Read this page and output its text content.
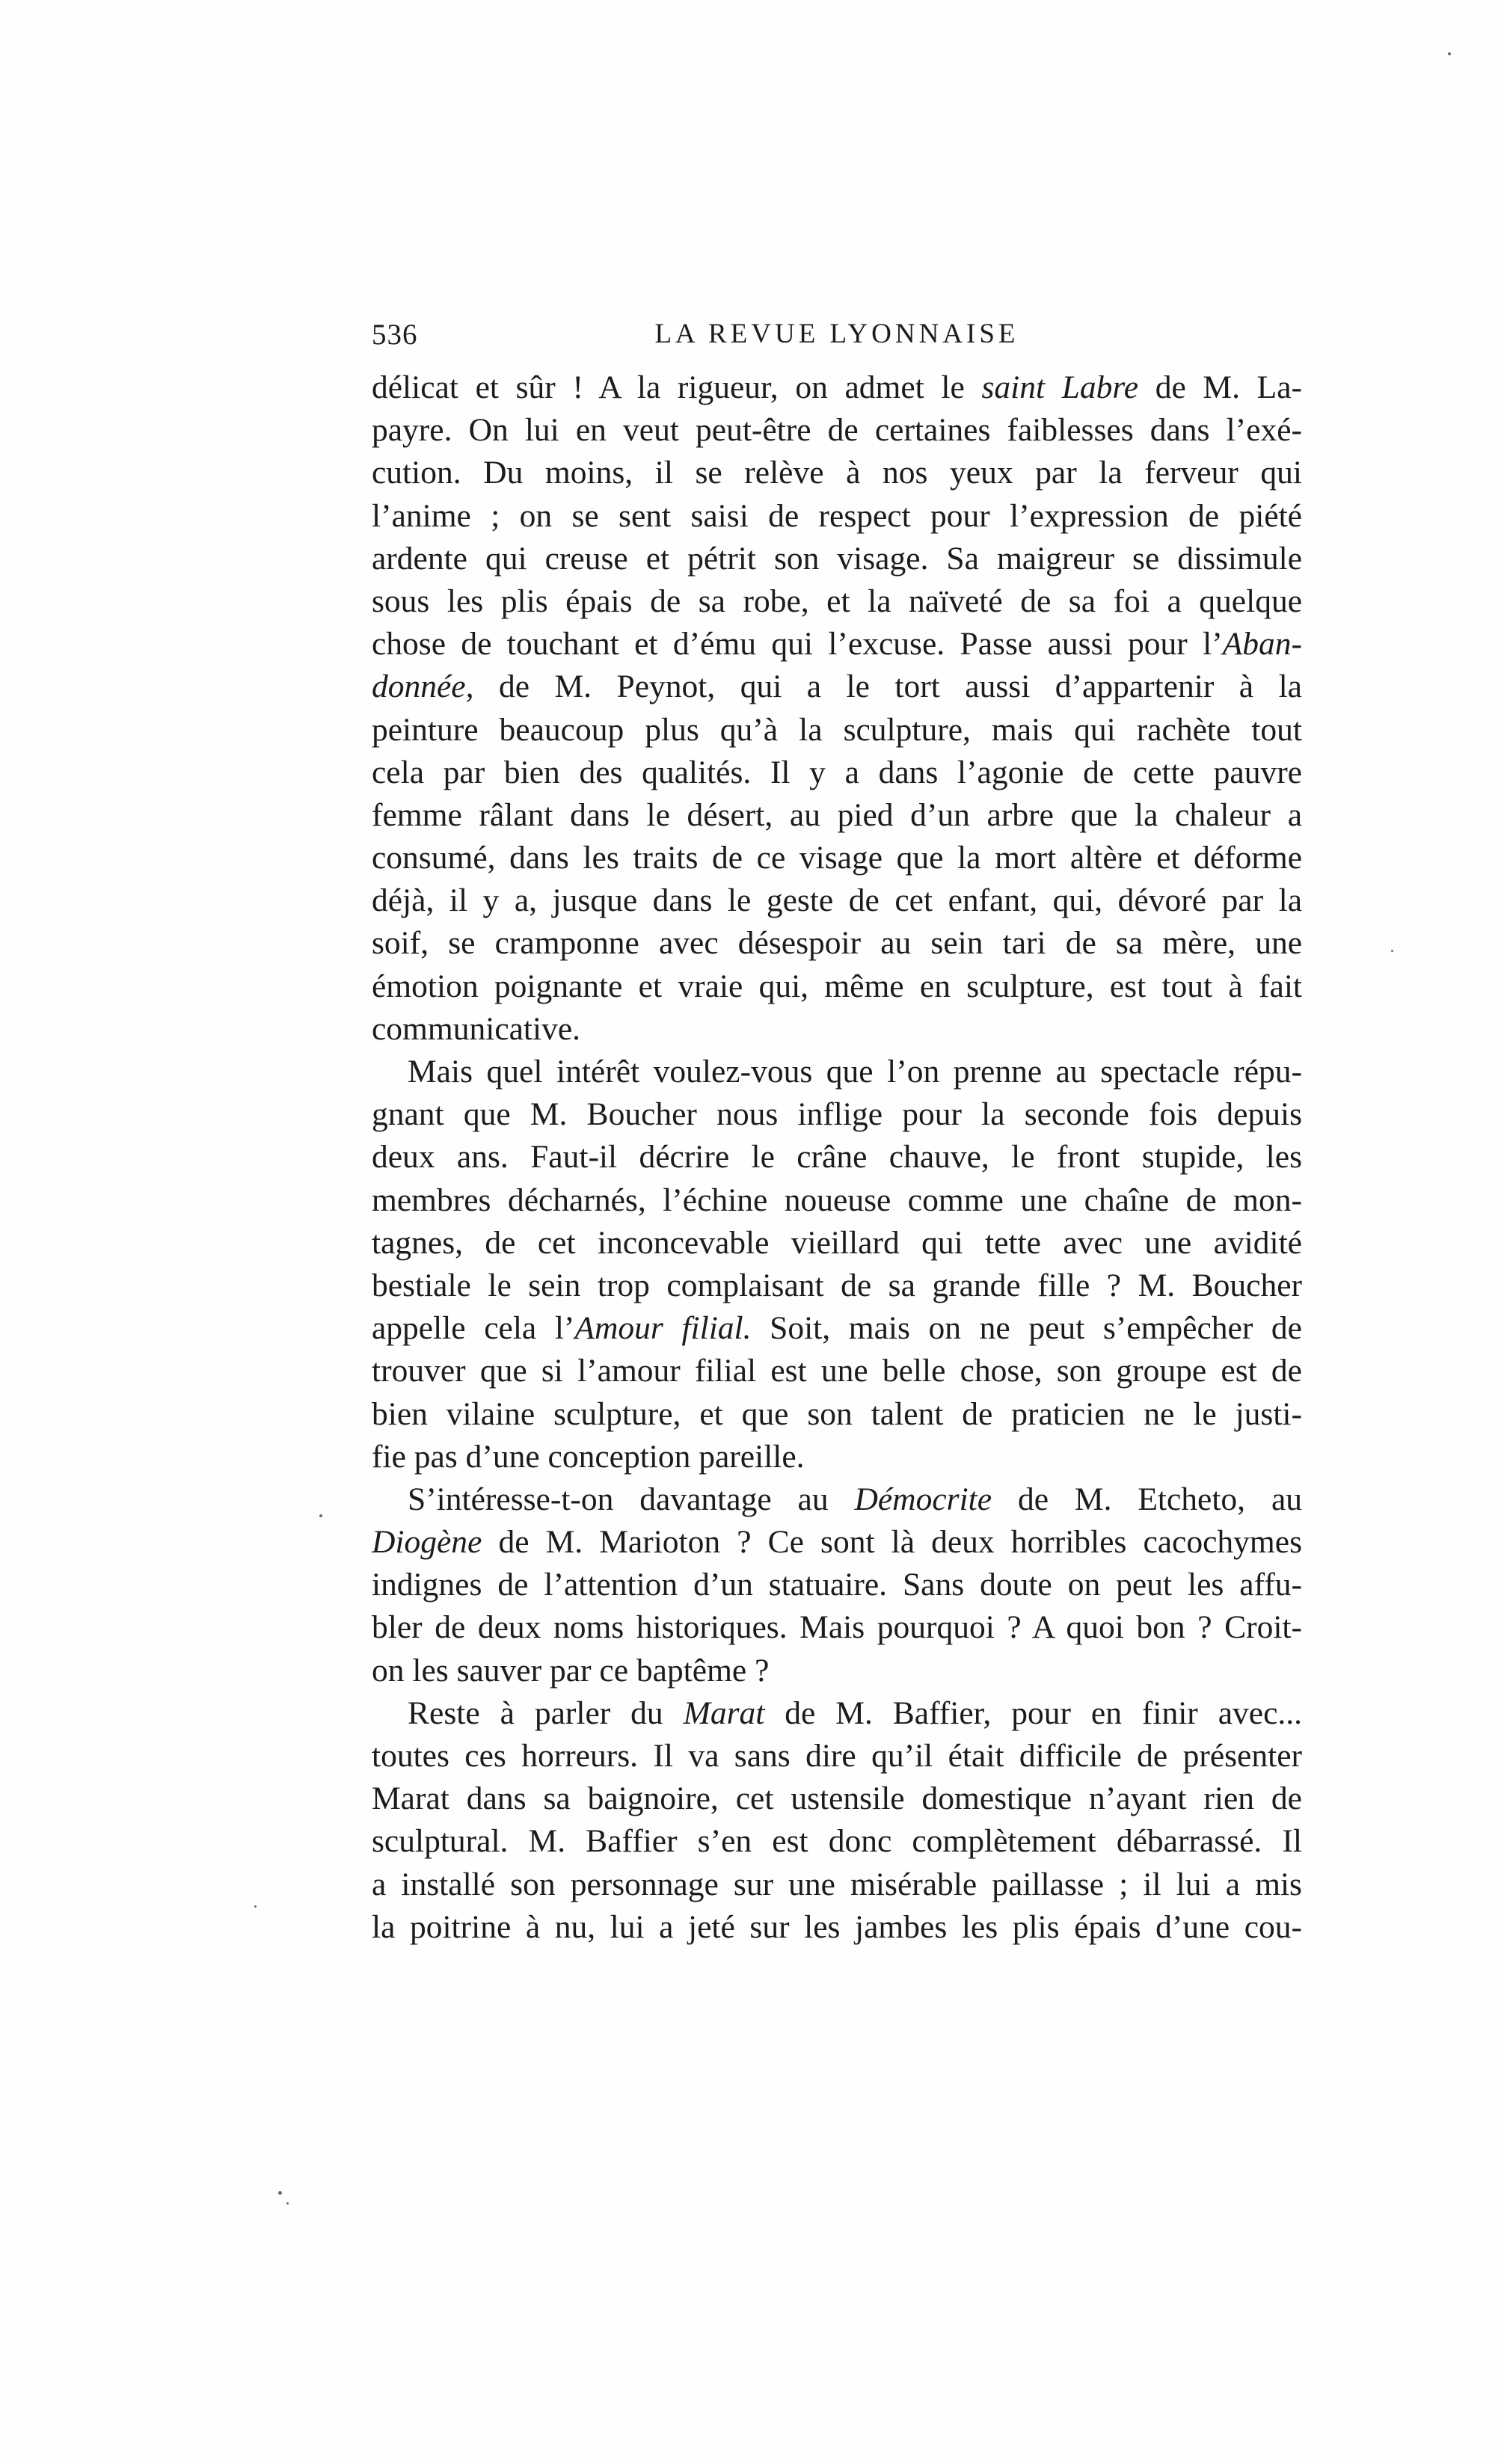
536	LA REVUE LYONNAISE
délicat et sûr ! A la rigueur, on admet le saint Labre de M. La-
payre. On lui en veut peut-être de certaines faiblesses dans l’exé-
cution. Du moins, il se relève à nos yeux par la ferveur qui
l’anime ; on se sent saisi de respect pour l’expression de piété
ardente qui creuse et pétrit son visage. Sa maigreur se dissimule
sous les plis épais de sa robe, et la naïveté de sa foi a quelque
chose de touchant et d’ému qui l’excuse. Passe aussi pour l’Aban-
donnée, de M. Peynot, qui a le tort aussi d’appartenir à la
peinture beaucoup plus qu’à la sculpture, mais qui rachète tout
cela par bien des qualités. Il y a dans l’agonie de cette pauvre
femme râlant dans le désert, au pied d’un arbre que la chaleur a
consumé, dans les traits de ce visage que la mort altère et déforme
déjà, il y a, jusque dans le geste de cet enfant, qui, dévoré par la
soif, se cramponne avec désespoir au sein tari de sa mère, une
émotion poignante et vraie qui, même en sculpture, est tout à fait
communicative.
Mais quel intérêt voulez-vous que l’on prenne au spectacle répu-
gnant que M. Boucher nous inflige pour la seconde fois depuis
deux ans. Faut-il décrire le crâne chauve, le front stupide, les
membres décharnés, l’échine noueuse comme une chaîne de mon-
tagnes, de cet inconcevable vieillard qui tette avec une avidité
bestiale le sein trop complaisant de sa grande fille ? M. Boucher
appelle cela l’Amour filial. Soit, mais on ne peut s’empêcher de
trouver que si l’amour filial est une belle chose, son groupe est de
bien vilaine sculpture, et que son talent de praticien ne le justi-
fie pas d’une conception pareille.
S’intéresse-t-on davantage au Démocrite de M. Etcheto, au
Diogène de M. Marioton ? Ce sont là deux horribles cacochymes
indignes de l’attention d’un statuaire. Sans doute on peut les affu-
bler de deux noms historiques. Mais pourquoi ? A quoi bon ? Croit-
on les sauver par ce baptême ?
Reste à parler du Marat de M. Baffier, pour en finir avec...
toutes ces horreurs. Il va sans dire qu’il était difficile de présenter
Marat dans sa baignoire, cet ustensile domestique n’ayant rien de
sculptural. M. Baffier s’en est donc complètement débarrassé. Il
a installé son personnage sur une misérable paillasse ; il lui a mis
la poitrine à nu, lui a jeté sur les jambes les plis épais d’une cou-
